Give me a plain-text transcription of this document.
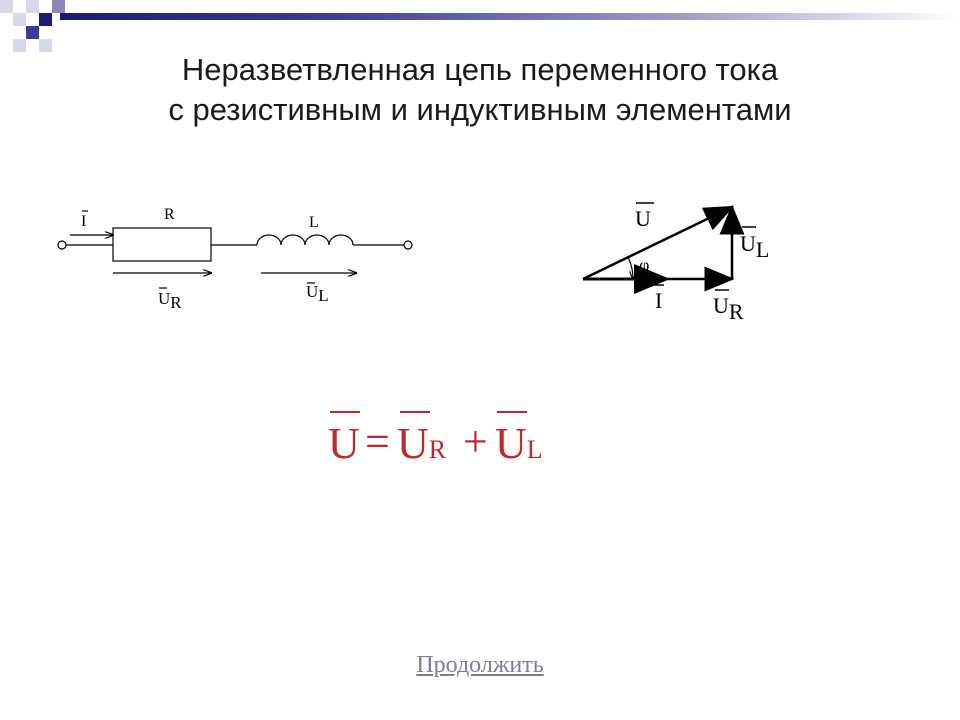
Неразветвленная цепь переменного тока
с резистивным и индуктивным элементами
I	R	L
UR
UL
U
UL
φ
I UR
U = UR + UL
Продолжить
